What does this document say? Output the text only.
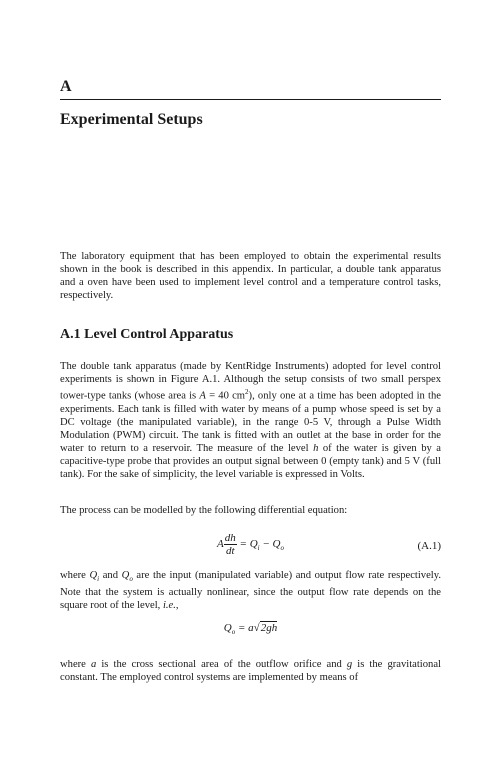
A
Experimental Setups

The laboratory equipment that has been employed to obtain the experimental results shown in the book is described in this appendix. In particular, a double tank apparatus and a oven have been used to implement level control and a temperature control tasks, respectively.

A.1 Level Control Apparatus

The double tank apparatus (made by KentRidge Instruments) adopted for level control experiments is shown in Figure A.1. Although the setup consists of two small perspex tower-type tanks (whose area is A = 40 $cm^2$), only one at a time has been adopted in the experiments. Each tank is filled with water by means of a pump whose speed is set by a DC voltage (the manipulated variable), in the range 0-5 V, through a Pulse Width Modulation (PWM) circuit. The tank is fitted with an outlet at the base in order for the water to return to a reservoir. The measure of the level h of the water is given by a capacitive-type probe that provides an output signal between 0 (empty tank) and 5 V (full tank). For the sake of simplicity, the level variable is expressed in Volts.

The process can be modelled by the following differential equation:

A $\frac{dh}{dt} = Q_i - Q_o$	(A.1)

where $Q_i$ and $Q_o$ are the input (manipulated variable) and output flow rate respectively. Note that the system is actually nonlinear, since the output flow rate depends on the square root of the level, i.e.,

$Q_o = a√2gh$

where a is the cross sectional area of the outflow orifice and g is the gravitational constant. The employed control systems are implemented by means of
